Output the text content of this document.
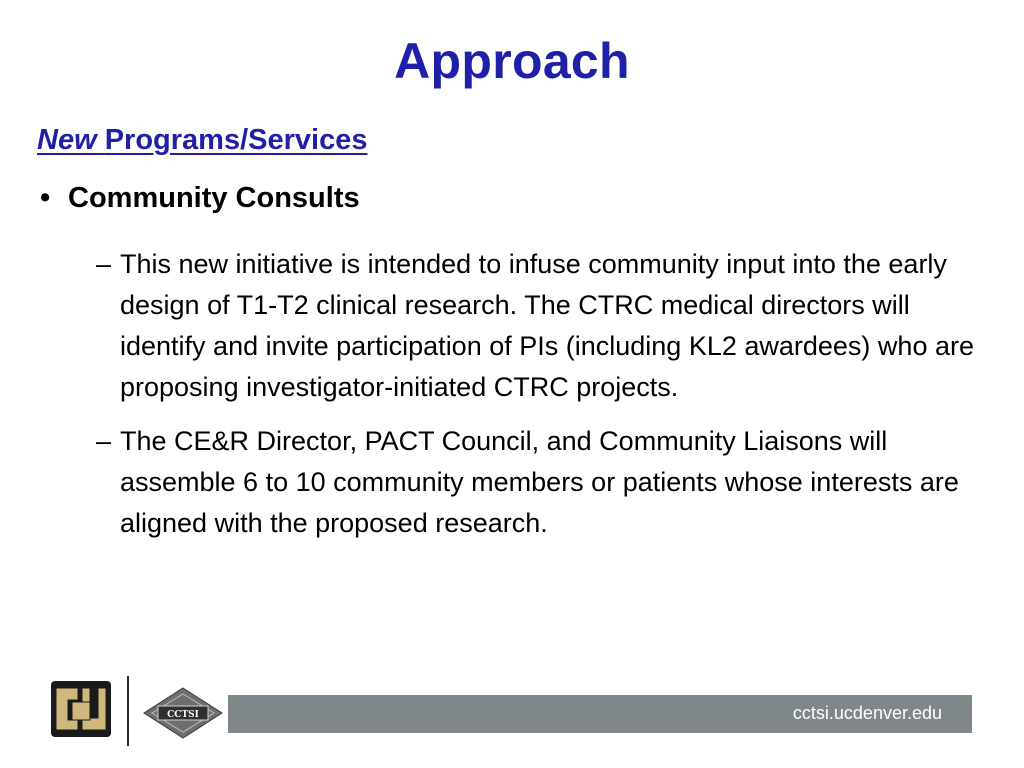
Approach
New Programs/Services
• Community Consults
– This new initiative is intended to infuse community input into the early design of T1-T2 clinical research. The CTRC medical directors will identify and invite participation of PIs (including KL2 awardees) who are proposing investigator-initiated CTRC projects.
– The CE&R Director, PACT Council, and Community Liaisons will assemble 6 to 10 community members or patients whose interests are aligned with the proposed research.
CCTSI	cctsi.ucdenver.edu
